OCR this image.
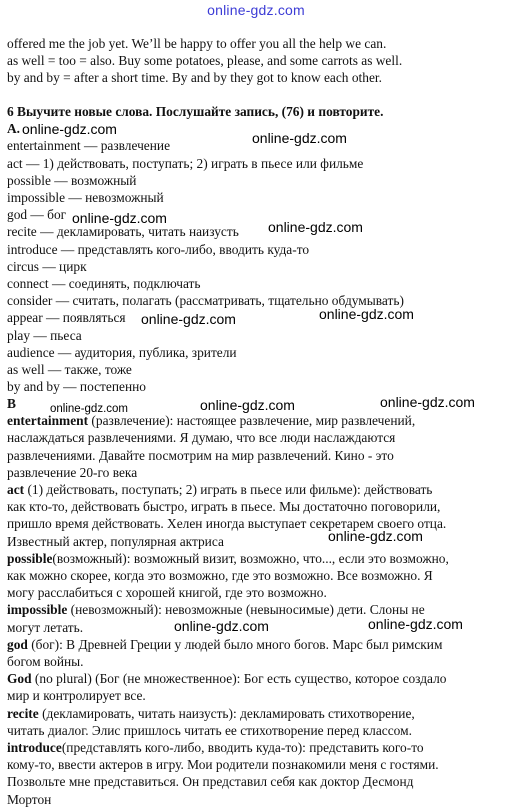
online-gdz.com
offered me the job yet. We’ll be happy to offer you all the help we can.
as well = too = also. Buy some potatoes, please, and some carrots as well.
by and by = after a short time. By and by they got to know each other.
6 Выучите новые слова. Послушайте запись, (76) и повторите.
A.
entertainment — развлечение
act — 1) действовать, поступать; 2) играть в пьесе или фильме
possible — возможный
impossible — невозможный
god — бог
recite — декламировать, читать наизусть
introduce — представлять кого-либо, вводить куда-то
circus — цирк
connect — соединять, подключать
consider — считать, полагать (рассматривать, тщательно обдумывать)
appear — появляться
play — пьеса
audience — аудитория, публика, зрители
as well — также, тоже
by and by — постепенно
B
entertainment (развлечение): настоящее развлечение, мир развлечений,
наслаждаться развлечениями. Я думаю, что все люди наслаждаются
развлечениями. Давайте посмотрим на мир развлечений. Кино - это
развлечение 20-го века
act (1) действовать, поступать; 2) играть в пьесе или фильме): действовать
как кто-то, действовать быстро, играть в пьесе. Мы достаточно поговорили,
пришло время действовать. Хелен иногда выступает секретарем своего отца.
Известный актер, популярная актриса
possible(возможный): возможный визит, возможно, что..., если это возможно,
как можно скорее, когда это возможно, где это возможно. Все возможно. Я
могу расслабиться с хорошей книгой, где это возможно.
impossible (невозможный): невозможные (невыносимые) дети. Слоны не
могут летать.
god (бог): В Древней Греции у людей было много богов. Марс был римским
богом войны.
God (no plural) (Бог (не множественное): Бог есть существо, которое создало
мир и контролирует все.
recite (декламировать, читать наизусть): декламировать стихотворение,
читать диалог. Элис пришлось читать ее стихотворение перед классом.
introduce(представлять кого-либо, вводить куда-то): представить кого-то
кому-то, ввести актеров в игру. Мои родители познакомили меня с гостями.
Позвольте мне представиться. Он представил себя как доктор Десмонд
Мортон
online-gdz.com
online-gdz.com
online-gdz.com
online-gdz.com
online-gdz.com	online-gdz.com
online-gdz.com	online-gdz.com	online-gdz.com
online-gdz.com
online-gdz.com
online-gdz.com
